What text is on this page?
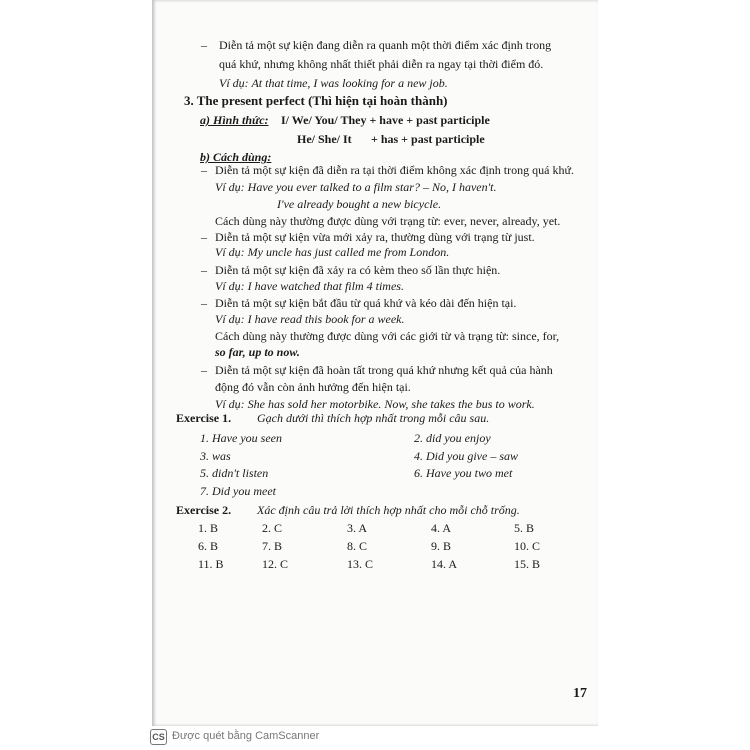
– Diễn tả một sự kiện đang diễn ra quanh một thời điểm xác định trong
quá khứ, nhưng không nhất thiết phải diễn ra ngay tại thời điểm đó.
Ví dụ: At that time, I was looking for a new job.
3. The present perfect (Thì hiện tại hoàn thành)
a) Hình thức: I/ We/ You/ They + have + past participle
He/ She/ It + has + past participle
b) Cách dùng:
– Diễn tả một sự kiện đã diễn ra tại thời điểm không xác định trong quá khứ.
Ví dụ: Have you ever talked to a film star? – No, I haven't.
I've already bought a new bicycle.
Cách dùng này thường được dùng với trạng từ: ever, never, already, yet.
– Diễn tả một sự kiện vừa mới xảy ra, thường dùng với trạng từ just.
Ví dụ: My uncle has just called me from London.
– Diễn tả một sự kiện đã xảy ra có kèm theo số lần thực hiện.
Ví dụ: I have watched that film 4 times.
– Diễn tả một sự kiện bắt đầu từ quá khứ và kéo dài đến hiện tại.
Ví dụ: I have read this book for a week.
Cách dùng này thường được dùng với các giới từ và trạng từ: since, for,
so far, up to now.
– Diễn tả một sự kiện đã hoàn tất trong quá khứ nhưng kết quả của hành
động đó vẫn còn ảnh hưởng đến hiện tại.
Ví dụ: She has sold her motorbike. Now, she takes the bus to work.
Exercise 1. Gạch dưới thì thích hợp nhất trong mỗi câu sau.
1. Have you seen	2. did you enjoy
3. was	4. Did you give – saw
5. didn't listen	6. Have you two met
7. Did you meet
Exercise 2. Xác định câu trả lời thích hợp nhất cho mỗi chỗ trống.
1. B	2. C	3. A	4. A	5. B
6. B	7. B	8. C	9. B	10. C
11. B	12. C	13. C	14. A	15. B
17
CS Được quét bằng CamScanner
